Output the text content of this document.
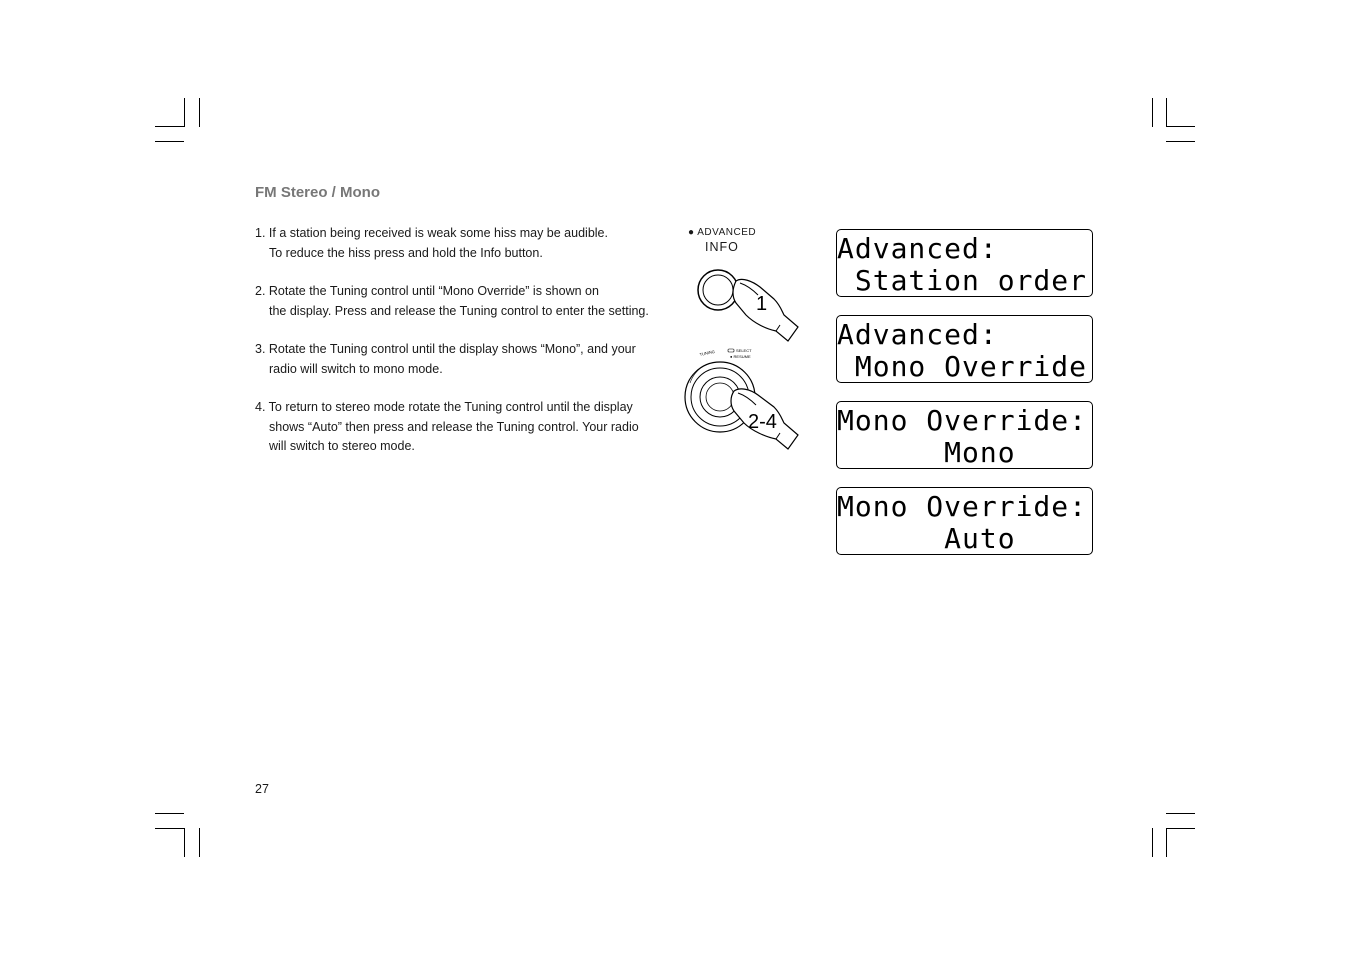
FM Stereo / Mono
1. If a station being received is weak some hiss may be audible.
To reduce the hiss press and hold the Info button.
2. Rotate the Tuning control until “Mono Override” is shown on
the display. Press and release the Tuning control to enter the setting.
3. Rotate the Tuning control until the display shows “Mono”, and your
radio will switch to mono mode.
4. To return to stereo mode rotate the Tuning control until the display
shows “Auto” then press and release the Tuning control. Your radio
will switch to stereo mode.
● ADVANCED
INFO
1
TUNING	SELECT
● RESUME
2-4
Advanced:
Station order
Advanced:
Mono Override
Mono Override:
Mono
Mono Override:
Auto
27
